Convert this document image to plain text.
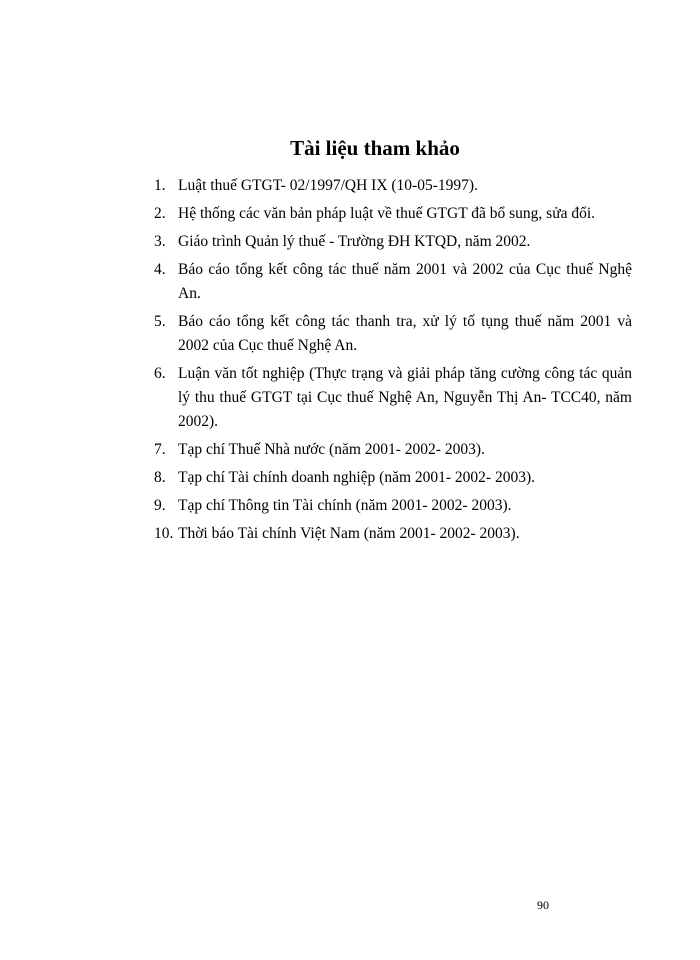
Tài liệu tham khảo
1. Luật thuế GTGT- 02/1997/QH IX (10-05-1997).
2. Hệ thống các văn bản pháp luật về thuế GTGT đã bổ sung, sửa đổi.
3. Giáo trình Quản lý thuế - Trường ĐH KTQD, năm 2002.
4. Báo cáo tổng kết công tác thuế năm 2001 và 2002 của Cục thuế Nghệ An.
5. Báo cáo tổng kết công tác thanh tra, xử lý tố tụng thuế năm 2001 và 2002 của Cục thuế Nghệ An.
6. Luận văn tốt nghiệp (Thực trạng và giải pháp tăng cường công tác quản lý thu thuế GTGT tại Cục thuế Nghệ An, Nguyễn Thị An- TCC40, năm 2002).
7. Tạp chí Thuế Nhà nước (năm 2001- 2002- 2003).
8. Tạp chí Tài chính doanh nghiệp (năm 2001- 2002- 2003).
9. Tạp chí Thông tin Tài chính (năm 2001- 2002- 2003).
10. Thời báo Tài chính Việt Nam (năm 2001- 2002- 2003).
90
